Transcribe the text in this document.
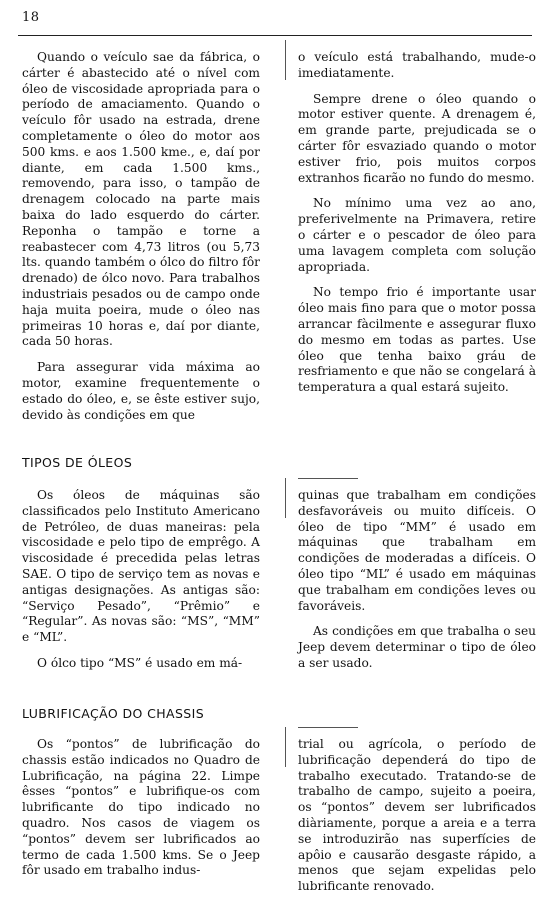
18

Quando o veículo sae da fábrica, o cárter é abastecido até o nível com óleo de viscosidade apropriada para o período de amaciamento. Quando o veículo fôr usado na estrada, drene completamente o óleo do motor aos 500 kms. e aos 1.500 kme., e, daí por diante, em cada 1.500 kms., removendo, para isso, o tampão de drenagem colocado na parte mais baixa do lado esquerdo do cárter. Reponha o tampão e torne a reabastecer com 4,73 litros (ou 5,73 lts. quando também o ólco do filtro fôr drenado) de ólco novo. Para trabalhos industriais pesados ou de campo onde haja muita poeira, mude o óleo nas primeiras 10 horas e, daí por diante, cada 50 horas.

Para assegurar vida máxima ao motor, examine frequentemente o estado do óleo, e, se êste estiver sujo, devido às condições em que

o veículo está trabalhando, mude-o imediatamente.

Sempre drene o óleo quando o motor estiver quente. A drenagem é, em grande parte, prejudicada se o cárter fôr esvaziado quando o motor estiver frio, pois muitos corpos extranhos ficarão no fundo do mesmo.

No mínimo uma vez ao ano, preferivelmente na Primavera, retire o cárter e o pescador de óleo para uma lavagem completa com solução apropriada.

No tempo frio é importante usar óleo mais fino para que o motor possa arrancar fàcilmente e assegurar fluxo do mesmo em todas as partes. Use óleo que tenha baixo gráu de resfriamento e que não se congelará à temperatura a qual estará sujeito.

TIPOS DE ÓLEOS

Os óleos de máquinas são classificados pelo Instituto Americano de Petróleo, de duas maneiras: pela viscosidade e pelo tipo de emprêgo. A viscosidade é precedida pelas letras SAE. O tipo de serviço tem as novas e antigas designações. As antigas são: “Serviço Pesado”, “Prêmio” e “Regular”. As novas são: “MS”, “MM” e “ML”.

O ólco tipo “MS” é usado em má-

quinas que trabalham em condições desfavoráveis ou muito difíceis. O óleo de tipo “MM” é usado em máquinas que trabalham em condições de moderadas a difíceis. O óleo tipo “ML” é usado em máquinas que trabalham em condições leves ou favoráveis.

As condições em que trabalha o seu Jeep devem determinar o tipo de óleo a ser usado.

LUBRIFICAÇÃO DO CHASSIS

Os “pontos” de lubrificação do chassis estão indicados no Quadro de Lubrificação, na página 22. Limpe êsses “pontos” e lubrifique-os com lubrificante do tipo indicado no quadro. Nos casos de viagem os “pontos” devem ser lubrificados ao termo de cada 1.500 kms. Se o Jeep fôr usado em trabalho indus-

trial ou agrícola, o período de lubrificação dependerá do tipo de trabalho executado. Tratando-se de trabalho de campo, sujeito a poeira, os “pontos” devem ser lubrificados diàriamente, porque a areia e a terra se introduzirão nas superfícies de apôio e causarão desgaste rápido, a menos que sejam expelidas pelo lubrificante renovado.
